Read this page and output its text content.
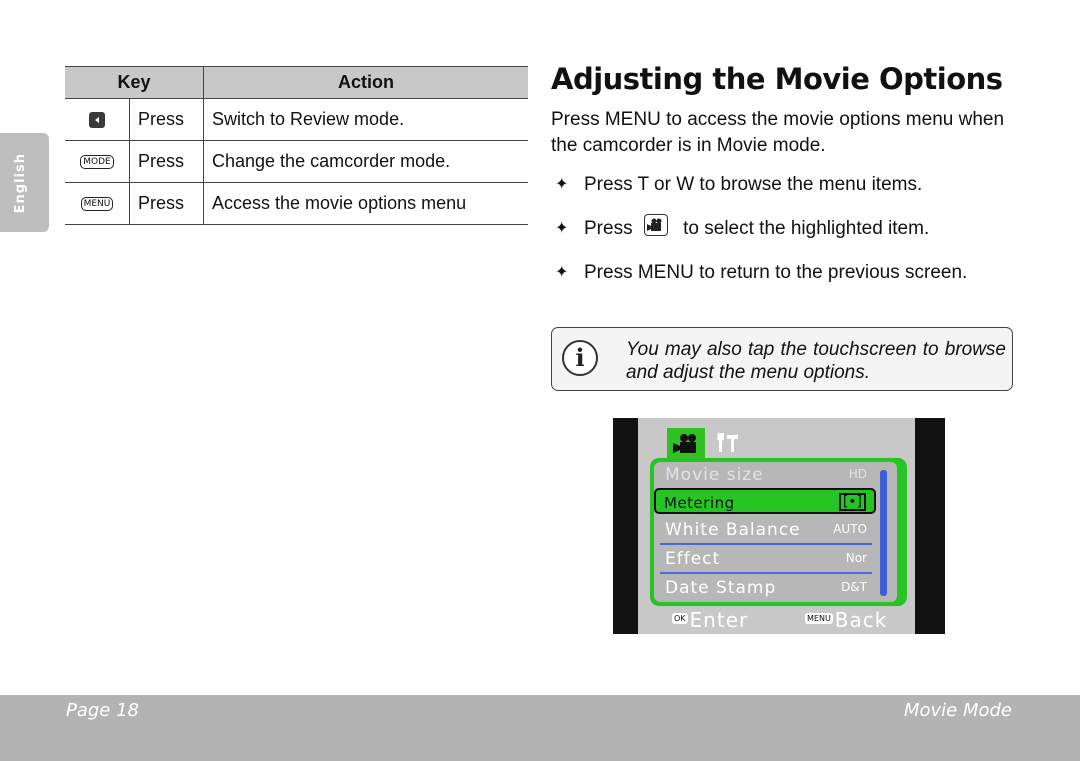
English
Key		Action
	Press	Switch to Review mode.
MODE	Press	Change the camcorder mode.
MENU	Press	Access the movie options menu
Adjusting the Movie Options
Press MENU to access the movie options menu when the camcorder is in Movie mode.
✦ Press T or W to browse the menu items.
✦ Press	to select the highlighted item.
✦ Press MENU to return to the previous screen.
i	You may also tap the touchscreen to browse and adjust the menu options.
Movie size	HD
Metering	[•]
White Balance	AUTO
Effect	Nor
Date Stamp	D&T
OK Enter	MENU Back
Page 18	Movie Mode
